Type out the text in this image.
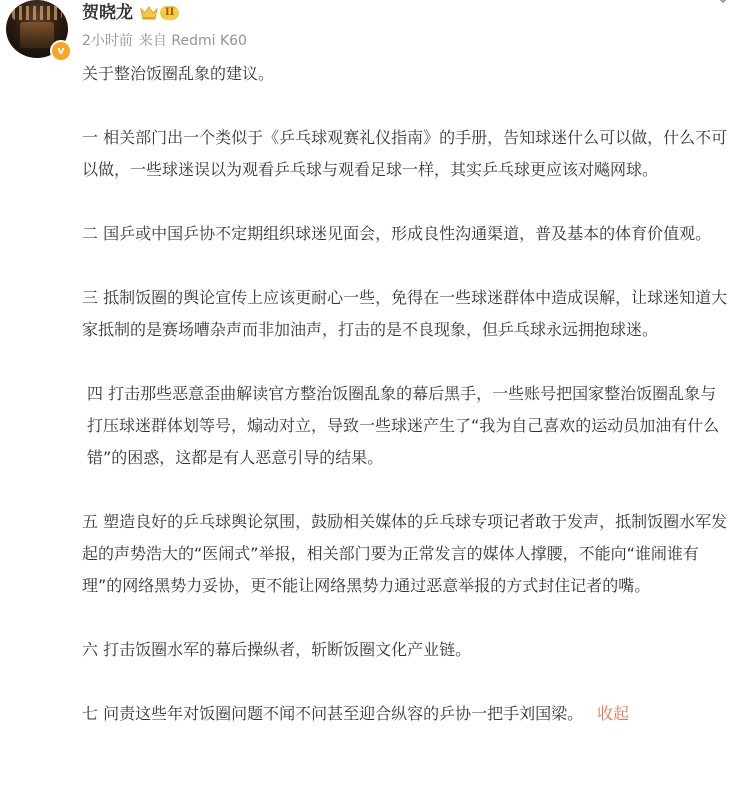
v
贺晓龙	II
2小时前 来自 Redmi K60

关于整治饭圈乱象的建议。

一 相关部门出一个类似于《乒乓球观赛礼仪指南》的手册，告知球迷什么可以做，什么不可以做，一些球迷误以为观看乒乓球与观看足球一样，其实乒乓球更应该对飚网球。

二 国乒或中国乒协不定期组织球迷见面会，形成良性沟通渠道，普及基本的体育价值观。

三 抵制饭圈的舆论宣传上应该更耐心一些，免得在一些球迷群体中造成误解，让球迷知道大家抵制的是赛场嘈杂声而非加油声，打击的是不良现象，但乒乓球永远拥抱球迷。

四 打击那些恶意歪曲解读官方整治饭圈乱象的幕后黑手，一些账号把国家整治饭圈乱象与打压球迷群体划等号，煽动对立，导致一些球迷产生了“我为自己喜欢的运动员加油有什么错”的困惑，这都是有人恶意引导的结果。

五 塑造良好的乒乓球舆论氛围，鼓励相关媒体的乒乓球专项记者敢于发声，抵制饭圈水军发起的声势浩大的“医闹式”举报，相关部门要为正常发言的媒体人撑腰，不能向“谁闹谁有理”的网络黑势力妥协，更不能让网络黑势力通过恶意举报的方式封住记者的嘴。

六 打击饭圈水军的幕后操纵者，斩断饭圈文化产业链。

七 问责这些年对饭圈问题不闻不问甚至迎合纵容的乒协一把手刘国梁。 收起
